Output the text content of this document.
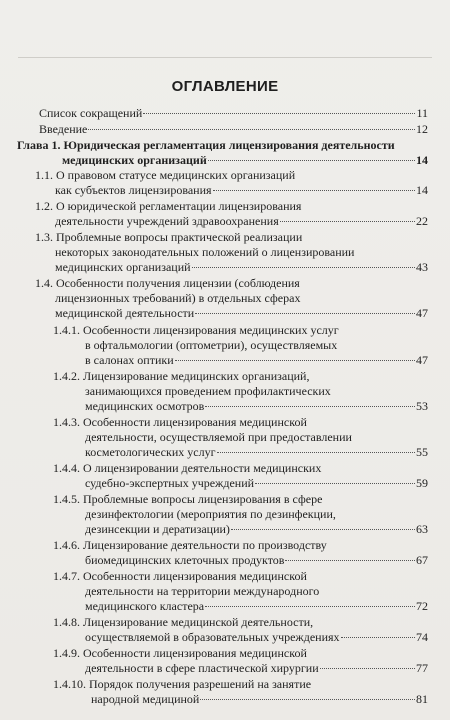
ОГЛАВЛЕНИЕ
Список сокращений	11
Введение	12
Глава 1. Юридическая регламентация лицензирования деятельности
медицинских организаций	14
1.1. О правовом статусе медицинских организаций
как субъектов лицензирования	14
1.2. О юридической регламентации лицензирования
деятельности учреждений здравоохранения	22
1.3. Проблемные вопросы практической реализации
некоторых законодательных положений о лицензировании
медицинских организаций	43
1.4. Особенности получения лицензии (соблюдения
лицензионных требований) в отдельных сферах
медицинской деятельности	47
1.4.1. Особенности лицензирования медицинских услуг
в офтальмологии (оптометрии), осуществляемых
в салонах оптики	47
1.4.2. Лицензирование медицинских организаций,
занимающихся проведением профилактических
медицинских осмотров	53
1.4.3. Особенности лицензирования медицинской
деятельности, осуществляемой при предоставлении
косметологических услуг	55
1.4.4. О лицензировании деятельности медицинских
судебно-экспертных учреждений	59
1.4.5. Проблемные вопросы лицензирования в сфере
дезинфектологии (мероприятия по дезинфекции,
дезинсекции и дератизации)	63
1.4.6. Лицензирование деятельности по производству
биомедицинских клеточных продуктов	67
1.4.7. Особенности лицензирования медицинской
деятельности на территории международного
медицинского кластера	72
1.4.8. Лицензирование медицинской деятельности,
осуществляемой в образовательных учреждениях	74
1.4.9. Особенности лицензирования медицинской
деятельности в сфере пластической хирургии	77
1.4.10. Порядок получения разрешений на занятие
народной медициной	81
